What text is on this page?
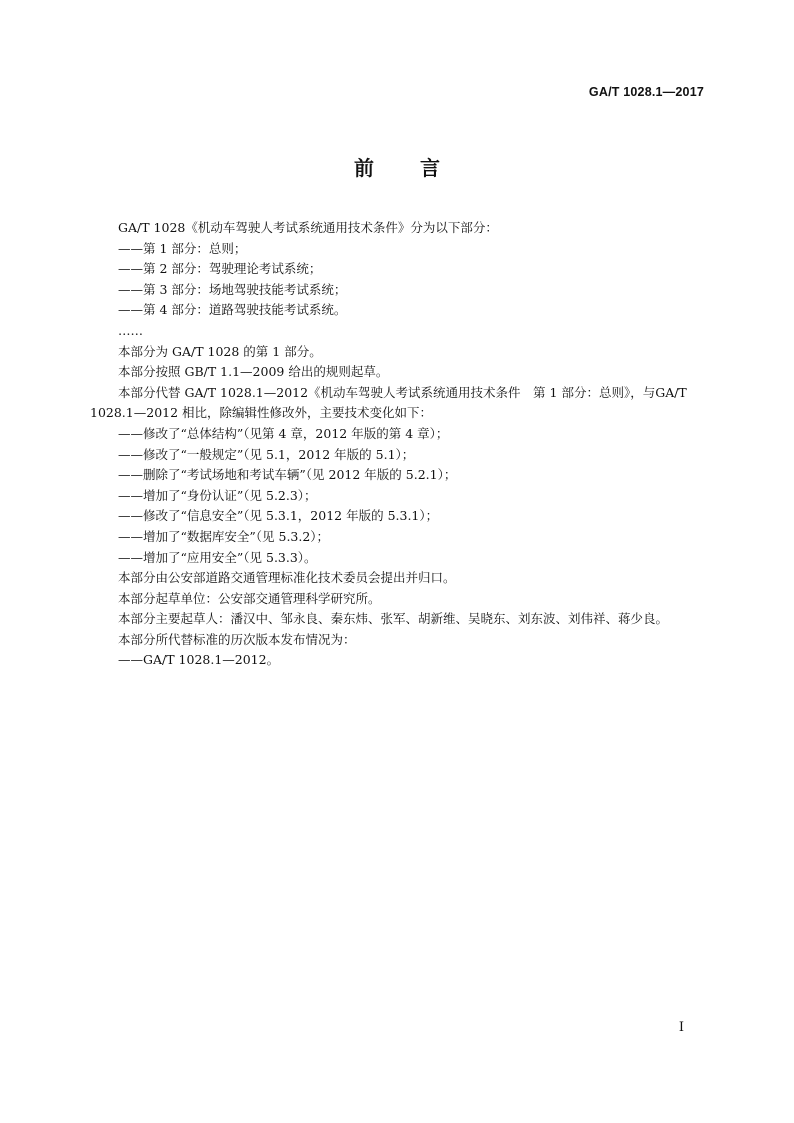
GA/T 1028.1—2017
前 言

GA/T 1028《机动车驾驶人考试系统通用技术条件》分为以下部分：

——第 1 部分：总则；

——第 2 部分：驾驶理论考试系统；

——第 3 部分：场地驾驶技能考试系统；

——第 4 部分：道路驾驶技能考试系统。

……

本部分为 GA/T 1028 的第 1 部分。

本部分按照 GB/T 1.1—2009 给出的规则起草。

本部分代替 GA/T 1028.1—2012《机动车驾驶人考试系统通用技术条件　第 1 部分：总则》，与GA/T 1028.1—2012 相比，除编辑性修改外，主要技术变化如下：

——修改了“总体结构”（见第 4 章，2012 年版的第 4 章）；

——修改了“一般规定”（见 5.1，2012 年版的 5.1）；

——删除了“考试场地和考试车辆”（见 2012 年版的 5.2.1）；

——增加了“身份认证”（见 5.2.3）；

——修改了“信息安全”（见 5.3.1，2012 年版的 5.3.1）；

——增加了“数据库安全”（见 5.3.2）；

——增加了“应用安全”（见 5.3.3）。

本部分由公安部道路交通管理标准化技术委员会提出并归口。

本部分起草单位：公安部交通管理科学研究所。

本部分主要起草人：潘汉中、邹永良、秦东炜、张军、胡新维、吴晓东、刘东波、刘伟祥、蒋少良。

本部分所代替标准的历次版本发布情况为：

——GA/T 1028.1—2012。

I
